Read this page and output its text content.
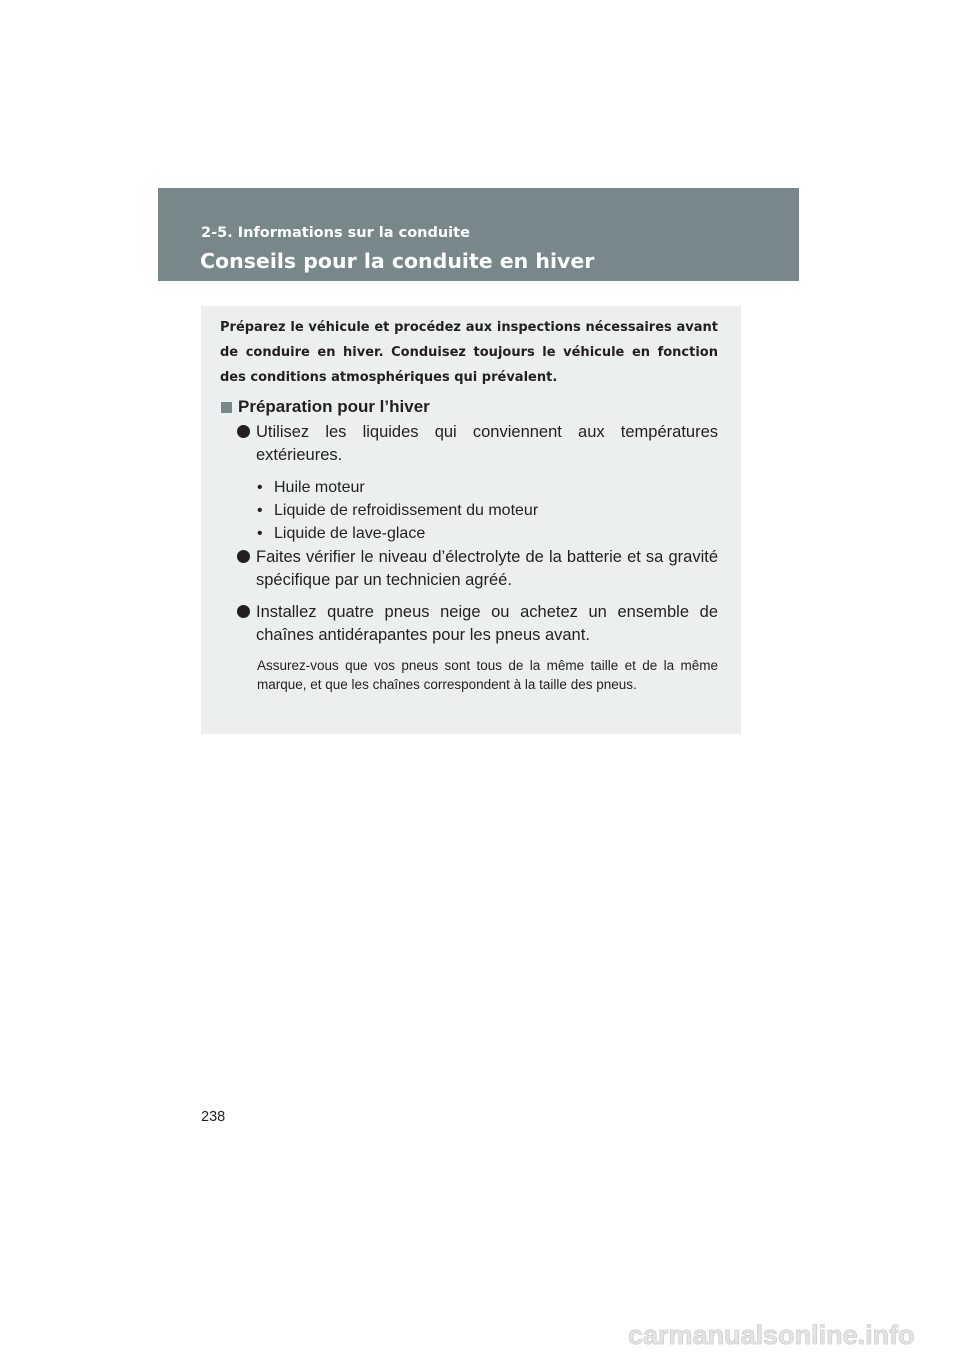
2-5. Informations sur la conduite
Conseils pour la conduite en hiver

Préparez le véhicule et procédez aux inspections nécessaires avant de conduire en hiver. Conduisez toujours le véhicule en fonction des conditions atmosphériques qui prévalent.

Préparation pour l’hiver
Utilisez les liquides qui conviennent aux températures extérieures.
• Huile moteur
• Liquide de refroidissement du moteur
• Liquide de lave-glace
Faites vérifier le niveau d’électrolyte de la batterie et sa gravité spécifique par un technicien agréé.
Installez quatre pneus neige ou achetez un ensemble de chaînes antidérapantes pour les pneus avant.

Assurez-vous que vos pneus sont tous de la même taille et de la même marque, et que les chaînes correspondent à la taille des pneus.

238
carmanualsonline.info
